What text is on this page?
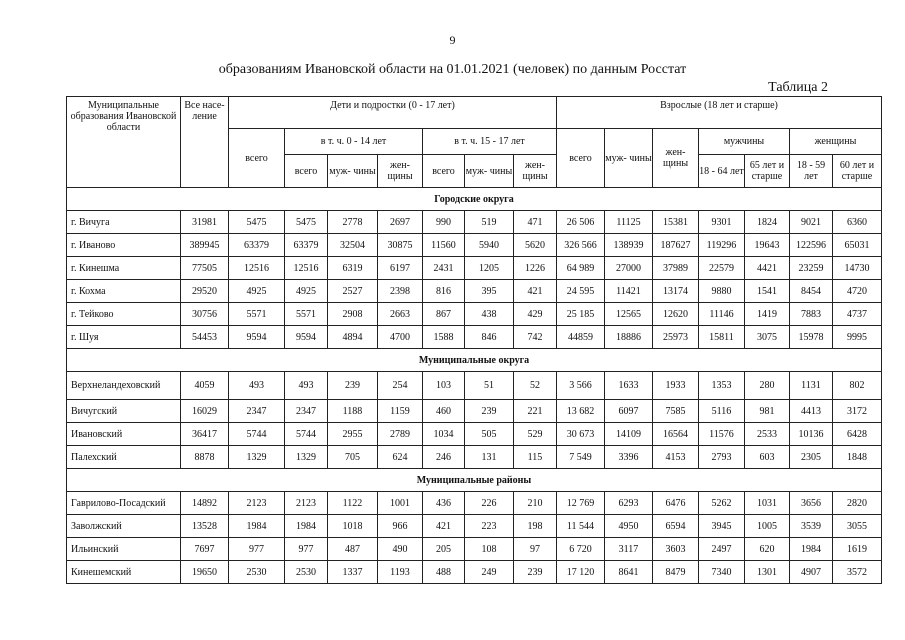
9
образованиям Ивановской области на 01.01.2021 (человек) по данным Росстат
Таблица 2
Муниципальные образования Ивановской области	Все насе- ление	Дети и подростки (0 - 17 лет)							Взрослые (18 лет и старше)						
		всего	в т. ч. 0 - 14 лет			в т. ч. 15 - 17 лет			всего	муж- чины	жен- щины	мужчины		женщины	
			всего	муж- чины	жен- щины	всего	муж- чины	жен- щины				18 - 64 лет	65 лет и старше	18 - 59 лет	60 лет и старше
Городские округа															
г. Вичуга	31981	5475	5475	2778	2697	990	519	471	26 506	11125	15381	9301	1824	9021	6360
г. Иваново	389945	63379	63379	32504	30875	11560	5940	5620	326 566	138939	187627	119296	19643	122596	65031
г. Кинешма	77505	12516	12516	6319	6197	2431	1205	1226	64 989	27000	37989	22579	4421	23259	14730
г. Кохма	29520	4925	4925	2527	2398	816	395	421	24 595	11421	13174	9880	1541	8454	4720
г. Тейково	30756	5571	5571	2908	2663	867	438	429	25 185	12565	12620	11146	1419	7883	4737
г. Шуя	54453	9594	9594	4894	4700	1588	846	742	44859	18886	25973	15811	3075	15978	9995
Муниципальные округа															
Верхнеландеховский	4059	493	493	239	254	103	51	52	3 566	1633	1933	1353	280	1131	802
Вичугский	16029	2347	2347	1188	1159	460	239	221	13 682	6097	7585	5116	981	4413	3172
Ивановский	36417	5744	5744	2955	2789	1034	505	529	30 673	14109	16564	11576	2533	10136	6428
Палехский	8878	1329	1329	705	624	246	131	115	7 549	3396	4153	2793	603	2305	1848
Муниципальные районы															
Гаврилово-Посадский	14892	2123	2123	1122	1001	436	226	210	12 769	6293	6476	5262	1031	3656	2820
Заволжский	13528	1984	1984	1018	966	421	223	198	11 544	4950	6594	3945	1005	3539	3055
Ильинский	7697	977	977	487	490	205	108	97	6 720	3117	3603	2497	620	1984	1619
Кинешемский	19650	2530	2530	1337	1193	488	249	239	17 120	8641	8479	7340	1301	4907	3572
